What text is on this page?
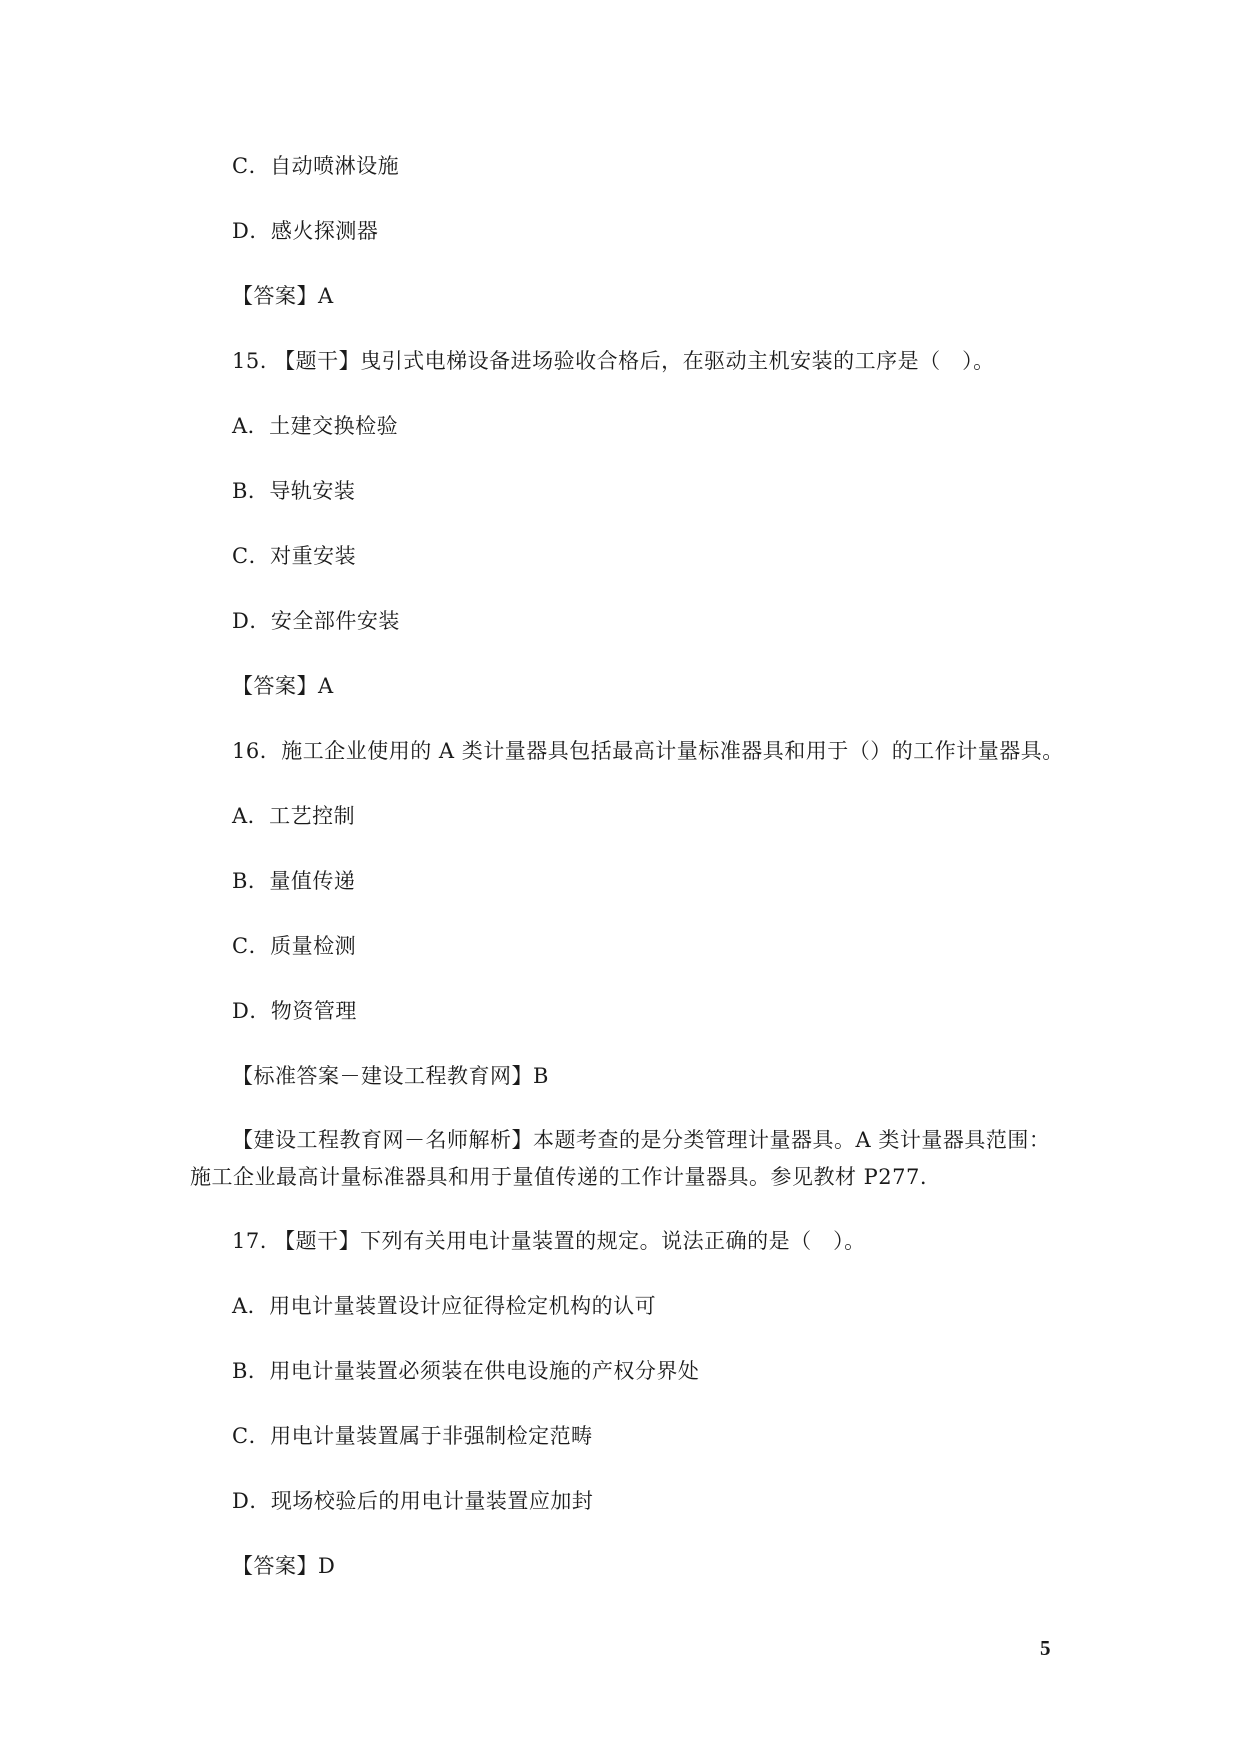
C．自动喷淋设施
D．感火探测器
【答案】A
15. 【题干】曳引式电梯设备进场验收合格后，在驱动主机安装的工序是（　）。
A．土建交换检验
B．导轨安装
C．对重安装
D．安全部件安装
【答案】A
16．施工企业使用的 A 类计量器具包括最高计量标准器具和用于（）的工作计量器具。
A．工艺控制
B．量值传递
C．质量检测
D．物资管理
【标准答案－建设工程教育网】B
【建设工程教育网－名师解析】本题考查的是分类管理计量器具。A 类计量器具范围：施工企业最高计量标准器具和用于量值传递的工作计量器具。参见教材 P277.
17. 【题干】下列有关用电计量装置的规定。说法正确的是（　）。
A．用电计量装置设计应征得检定机构的认可
B．用电计量装置必须装在供电设施的产权分界处
C．用电计量装置属于非强制检定范畴
D．现场校验后的用电计量装置应加封
【答案】D
5
